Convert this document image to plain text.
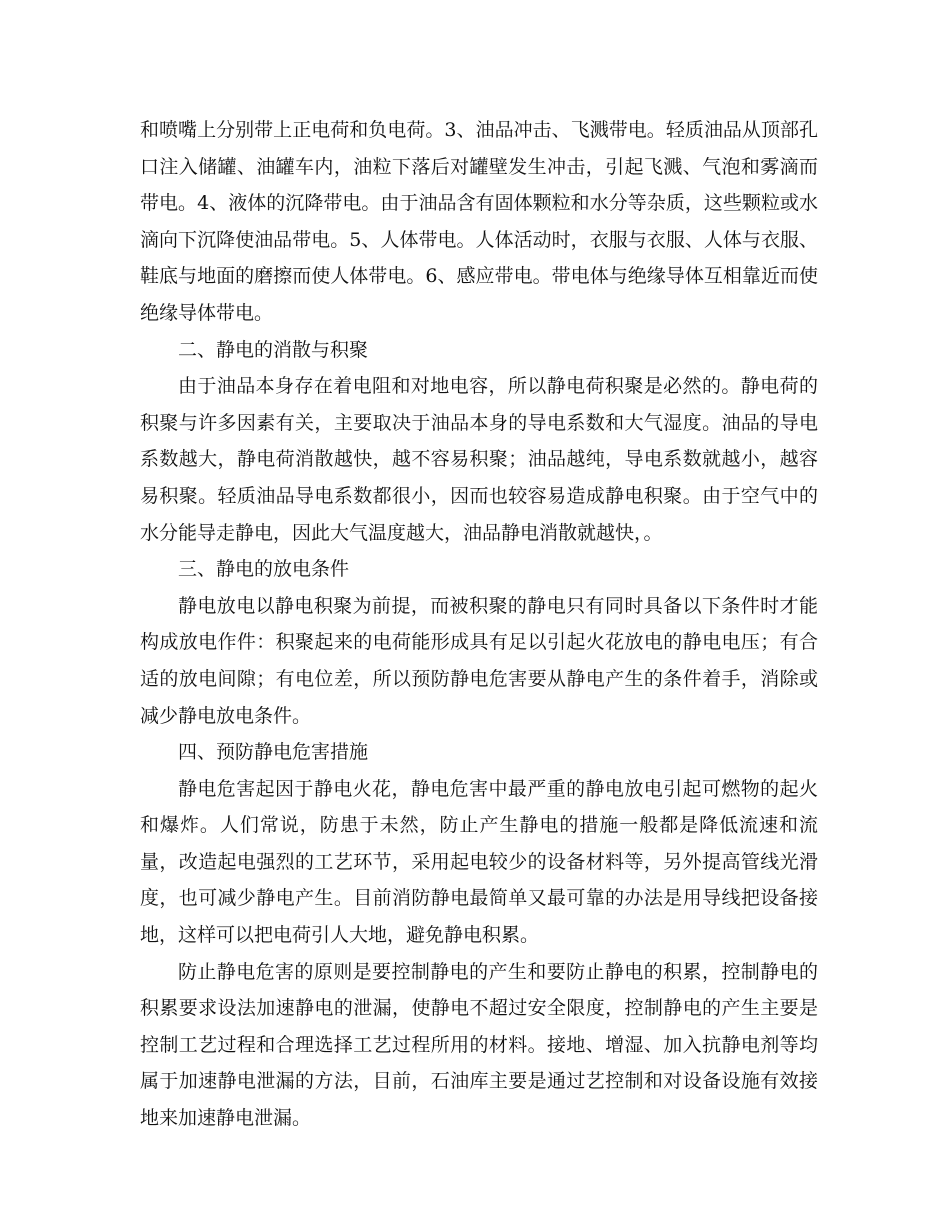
和喷嘴上分别带上正电荷和负电荷。3、油品冲击、飞溅带电。轻质油品从顶部孔口注入储罐、油罐车内，油粒下落后对罐壁发生冲击，引起飞溅、气泡和雾滴而带电。4、液体的沉降带电。由于油品含有固体颗粒和水分等杂质，这些颗粒或水滴向下沉降使油品带电。5、人体带电。人体活动时，衣服与衣服、人体与衣服、鞋底与地面的磨擦而使人体带电。6、感应带电。带电体与绝缘导体互相靠近而使绝缘导体带电。

二、静电的消散与积聚

由于油品本身存在着电阻和对地电容，所以静电荷积聚是必然的。静电荷的积聚与许多因素有关，主要取决于油品本身的导电系数和大气湿度。油品的导电系数越大，静电荷消散越快，越不容易积聚；油品越纯，导电系数就越小，越容易积聚。轻质油品导电系数都很小，因而也较容易造成静电积聚。由于空气中的水分能导走静电，因此大气温度越大，油品静电消散就越快，。

三、静电的放电条件

静电放电以静电积聚为前提，而被积聚的静电只有同时具备以下条件时才能构成放电作件：积聚起来的电荷能形成具有足以引起火花放电的静电电压；有合适的放电间隙；有电位差，所以预防静电危害要从静电产生的条件着手，消除或减少静电放电条件。

四、预防静电危害措施

静电危害起因于静电火花，静电危害中最严重的静电放电引起可燃物的起火和爆炸。人们常说，防患于未然，防止产生静电的措施一般都是降低流速和流量，改造起电强烈的工艺环节，采用起电较少的设备材料等，另外提高管线光滑度，也可减少静电产生。目前消防静电最简单又最可靠的办法是用导线把设备接地，这样可以把电荷引人大地，避免静电积累。

防止静电危害的原则是要控制静电的产生和要防止静电的积累，控制静电的积累要求设法加速静电的泄漏，使静电不超过安全限度，控制静电的产生主要是控制工艺过程和合理选择工艺过程所用的材料。接地、增湿、加入抗静电剂等均属于加速静电泄漏的方法，目前，石油库主要是通过艺控制和对设备设施有效接地来加速静电泄漏。
